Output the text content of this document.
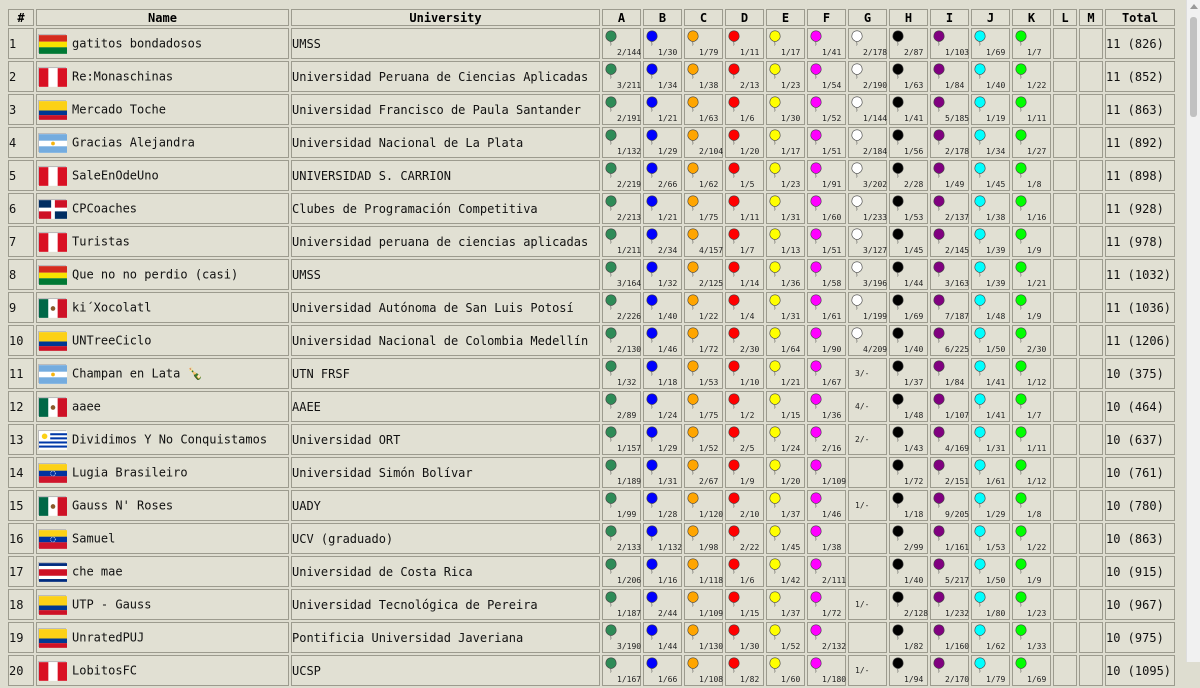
#	Name	University	A	B	C	D	E	F	G	H	I	J	K	L	M	Total
1	gatitos bondadosos	UMSS	2/144	1/30	1/79	1/11	1/17	1/41	2/178	2/87	1/103	1/69	1/7			11 (826)
2	Re:Monaschinas	Universidad Peruana de Ciencias Aplicadas	3/211	1/34	1/38	2/13	1/23	1/54	2/190	1/63	1/84	1/40	1/22			11 (852)
3	Mercado Toche	Universidad Francisco de Paula Santander	2/191	1/21	1/63	1/6	1/30	1/52	1/144	1/41	5/185	1/19	1/11			11 (863)
4	Gracias Alejandra	Universidad Nacional de La Plata	1/132	1/29	2/104	1/20	1/17	1/51	2/184	1/56	2/178	1/34	1/27			11 (892)
5	SaleEnOdeUno	UNIVERSIDAD S. CARRION	2/219	2/66	1/62	1/5	1/23	1/91	3/202	2/28	1/49	1/45	1/8			11 (898)
6	CPCoaches	Clubes de Programación Competitiva	2/213	1/21	1/75	1/11	1/31	1/60	1/233	1/53	2/137	1/38	1/16			11 (928)
7	Turistas	Universidad peruana de ciencias aplicadas	1/211	2/34	4/157	1/7	1/13	1/51	3/127	1/45	2/145	1/39	1/9			11 (978)
8	Que no no perdio (casi)	UMSS	3/164	1/32	2/125	1/14	1/36	1/58	3/196	1/44	3/163	1/39	1/21			11 (1032)
9	ki´Xocolatl	Universidad Autónoma de San Luis Potosí	2/226	1/40	1/22	1/4	1/31	1/61	1/199	1/69	7/187	1/48	1/9			11 (1036)
10	UNTreeCiclo	Universidad Nacional de Colombia Medellín	2/130	1/46	1/72	2/30	1/64	1/90	4/209	1/40	6/225	1/50	2/30			11 (1206)
11	Champan en Lata 🍾	UTN FRSF	1/32	1/18	1/53	1/10	1/21	1/67	3/-	1/37	1/84	1/41	1/12			10 (375)
12	aaee	AAEE	2/89	1/24	1/75	1/2	1/15	1/36	4/-	1/48	1/107	1/41	1/7			10 (464)
13	Dividimos Y No Conquistamos	Universidad ORT	1/157	1/29	1/52	2/5	1/24	2/16	2/-	1/43	4/169	1/31	1/11			10 (637)
14	Lugia Brasileiro	Universidad Simón Bolívar	1/189	1/31	2/67	1/9	1/20	1/109		1/72	2/151	1/61	1/12			10 (761)
15	Gauss N' Roses	UADY	1/99	1/28	1/120	2/10	1/37	1/46	1/-	1/18	9/205	1/29	1/8			10 (780)
16	Samuel	UCV (graduado)	2/133	1/132	1/98	2/22	1/45	1/38		2/99	1/161	1/53	1/22			10 (863)
17	che mae	Universidad de Costa Rica	1/206	1/16	1/118	1/6	1/42	2/111		1/40	5/217	1/50	1/9			10 (915)
18	UTP - Gauss	Universidad Tecnológica de Pereira	1/187	2/44	1/109	1/15	1/37	1/72	1/-	2/128	1/232	1/80	1/23			10 (967)
19	UnratedPUJ	Pontificia Universidad Javeriana	3/190	1/44	1/130	1/30	1/52	2/132		1/82	1/160	1/62	1/33			10 (975)
20	LobitosFC	UCSP	1/167	1/66	1/108	1/82	1/60	1/180	1/-	1/94	2/170	1/79	1/69			10 (1095)
